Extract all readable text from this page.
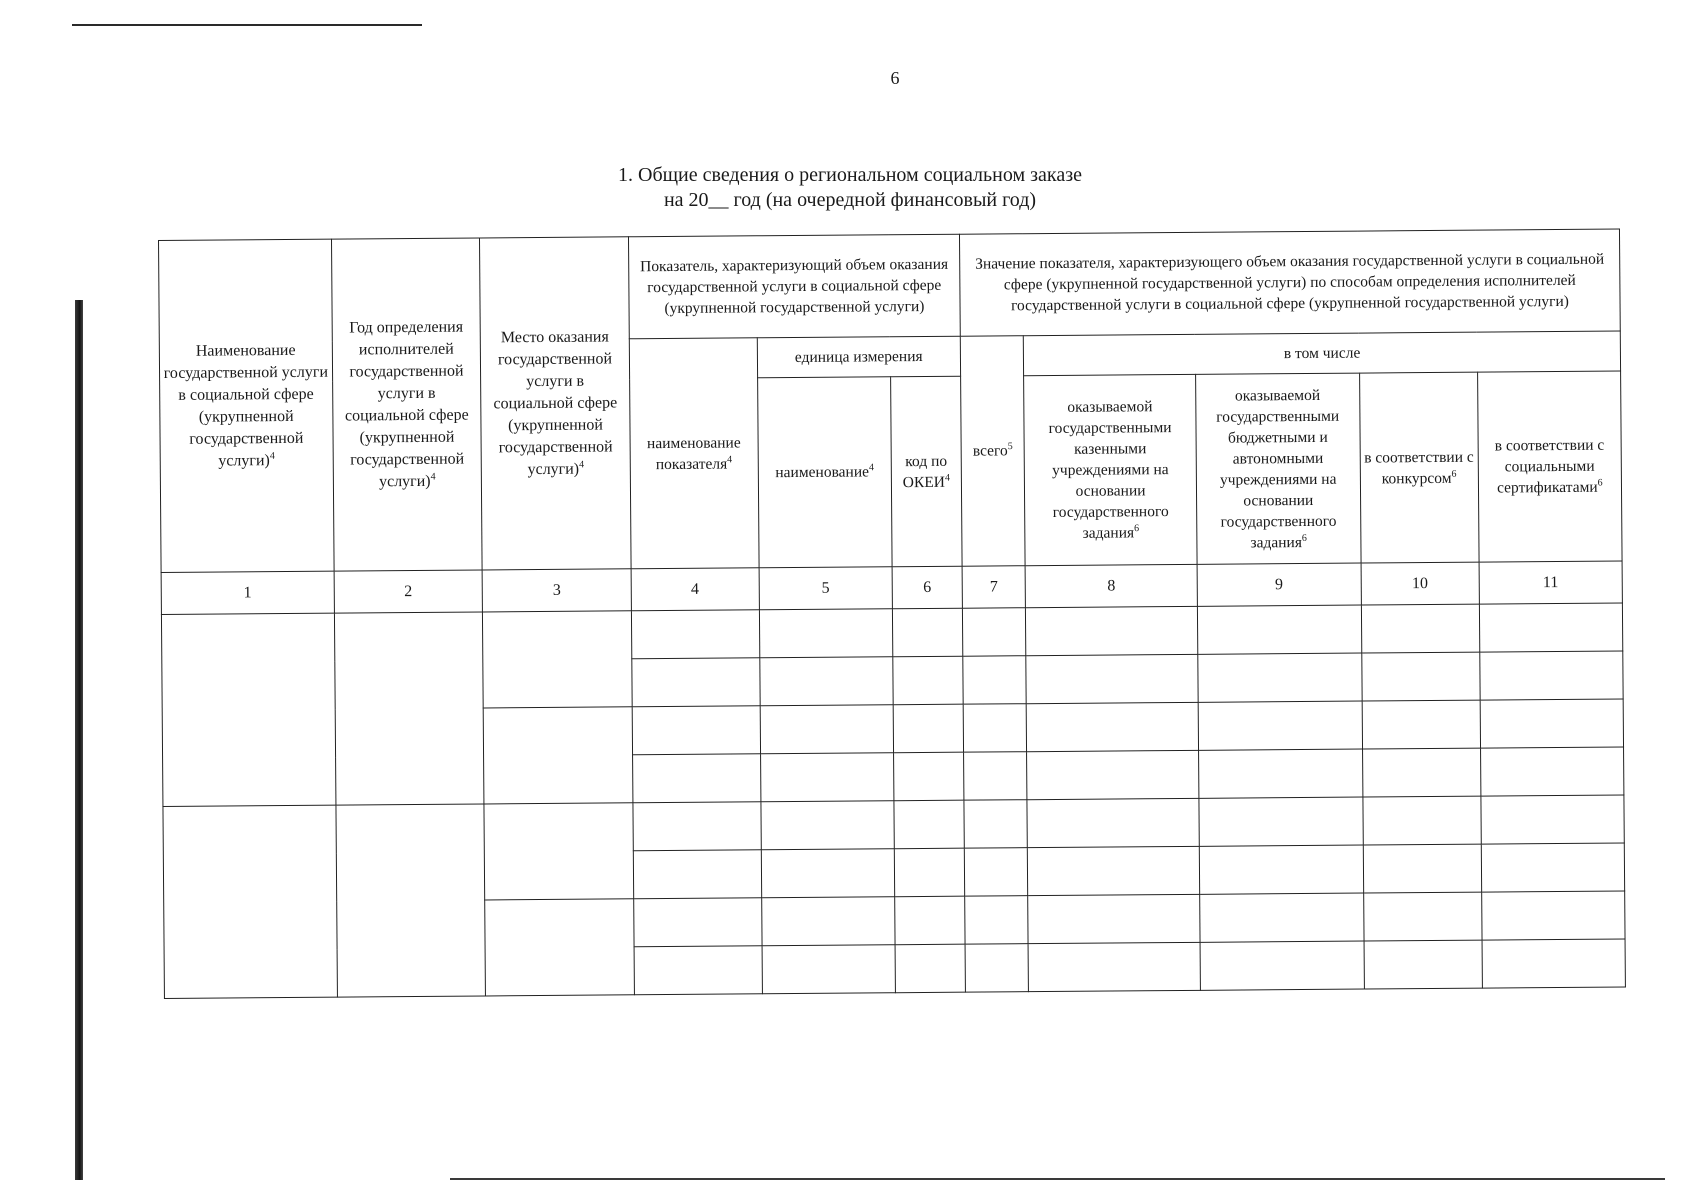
6
1. Общие сведения о региональном социальном заказе
на 20__ год (на очередной финансовый год)
Наименование государственной услуги в социальной сфере (укрупненной государственной услуги)$^4$	Год определения исполнителей государственной услуги в социальной сфере (укрупненной государственной услуги)$^4$	Место оказания государственной услуги в социальной сфере (укрупненной государственной услуги)$^4$	Показатель, характеризующий объем оказания государственной услуги в социальной сфере (укрупненной государственной услуги)			Значение показателя, характеризующего объем оказания государственной услуги в социальной сфере (укрупненной государственной услуги) по способам определения исполнителей государственной услуги в социальной сфере (укрупненной государственной услуги)				
			наименование показателя$^4$	единица измерения		всего$^5$	в том числе			
				наименование$^4$	код по ОКЕИ$^4$		оказываемой государственными казенными учреждениями на основании государственного задания$^6$	оказываемой государственными бюджетными и автономными учреждениями на основании государственного задания$^6$	в соответствии с конкурсом$^6$	в соответствии с социальными сертификатами$^6$
1	2	3	4	5	6	7	8	9	10	11
